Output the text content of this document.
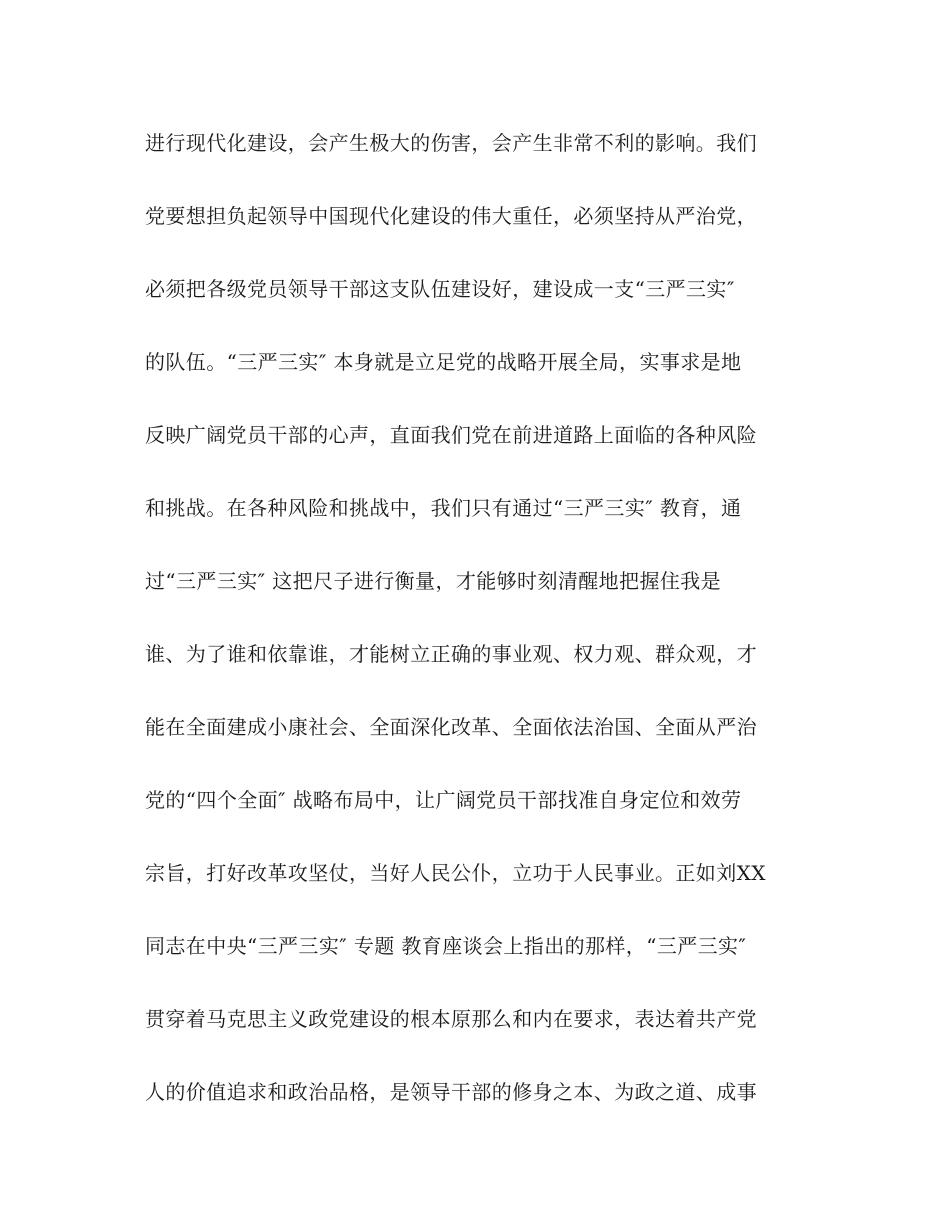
进行现代化建设，会产生极大的伤害，会产生非常不利的影响。我们
党要想担负起领导中国现代化建设的伟大重任，必须坚持从严治党，
必须把各级党员领导干部这支队伍建设好，建设成一支“三严三实″
的队伍。“三严三实″ 本身就是立足党的战略开展全局，实事求是地
反映广阔党员干部的心声，直面我们党在前进道路上面临的各种风险
和挑战。在各种风险和挑战中，我们只有通过“三严三实″ 教育，通
过“三严三实″ 这把尺子进行衡量，才能够时刻清醒地把握住我是
谁、为了谁和依靠谁，才能树立正确的事业观、权力观、群众观，才
能在全面建成小康社会、全面深化改革、全面依法治国、全面从严治
党的“四个全面″ 战略布局中，让广阔党员干部找准自身定位和效劳
宗旨，打好改革攻坚仗，当好人民公仆，立功于人民事业。正如刘XX
同志在中央“三严三实″ 专题 教育座谈会上指出的那样，“三严三实″
贯穿着马克思主义政党建设的根本原那么和内在要求，表达着共产党
人的价值追求和政治品格，是领导干部的修身之本、为政之道、成事
